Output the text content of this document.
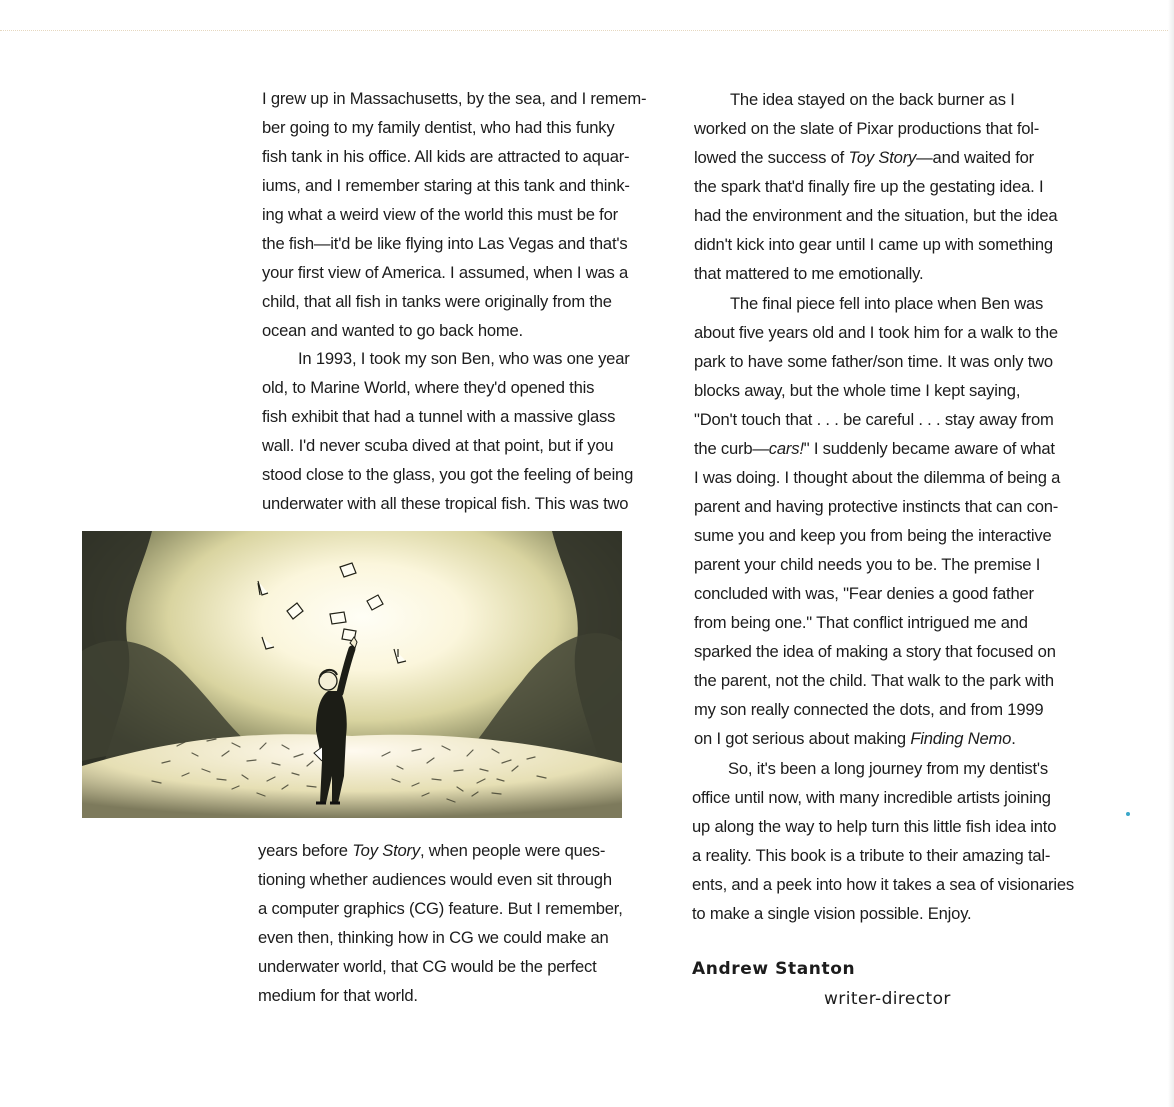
I grew up in Massachusetts, by the sea, and I remem-
ber going to my family dentist, who had this funky
fish tank in his office. All kids are attracted to aquar-
iums, and I remember staring at this tank and think-
ing what a weird view of the world this must be for
the fish—it'd be like flying into Las Vegas and that's
your first view of America. I assumed, when I was a
child, that all fish in tanks were originally from the
ocean and wanted to go back home.

In 1993, I took my son Ben, who was one year
old, to Marine World, where they'd opened this
fish exhibit that had a tunnel with a massive glass
wall. I'd never scuba dived at that point, but if you
stood close to the glass, you got the feeling of being
underwater with all these tropical fish. This was two

years before Toy Story, when people were ques-
tioning whether audiences would even sit through
a computer graphics (CG) feature. But I remember,
even then, thinking how in CG we could make an
underwater world, that CG would be the perfect
medium for that world.

The idea stayed on the back burner as I
worked on the slate of Pixar productions that fol-
lowed the success of Toy Story—and waited for
the spark that'd finally fire up the gestating idea. I
had the environment and the situation, but the idea
didn't kick into gear until I came up with something
that mattered to me emotionally.

The final piece fell into place when Ben was
about five years old and I took him for a walk to the
park to have some father/son time. It was only two
blocks away, but the whole time I kept saying,
"Don't touch that . . . be careful . . . stay away from
the curb—cars!" I suddenly became aware of what
I was doing. I thought about the dilemma of being a
parent and having protective instincts that can con-
sume you and keep you from being the interactive
parent your child needs you to be. The premise I
concluded with was, "Fear denies a good father
from being one." That conflict intrigued me and
sparked the idea of making a story that focused on
the parent, not the child. That walk to the park with
my son really connected the dots, and from 1999
on I got serious about making Finding Nemo.

So, it's been a long journey from my dentist's
office until now, with many incredible artists joining
up along the way to help turn this little fish idea into
a reality. This book is a tribute to their amazing tal-
ents, and a peek into how it takes a sea of visionaries
to make a single vision possible. Enjoy.

Andrew Stanton
writer-director
